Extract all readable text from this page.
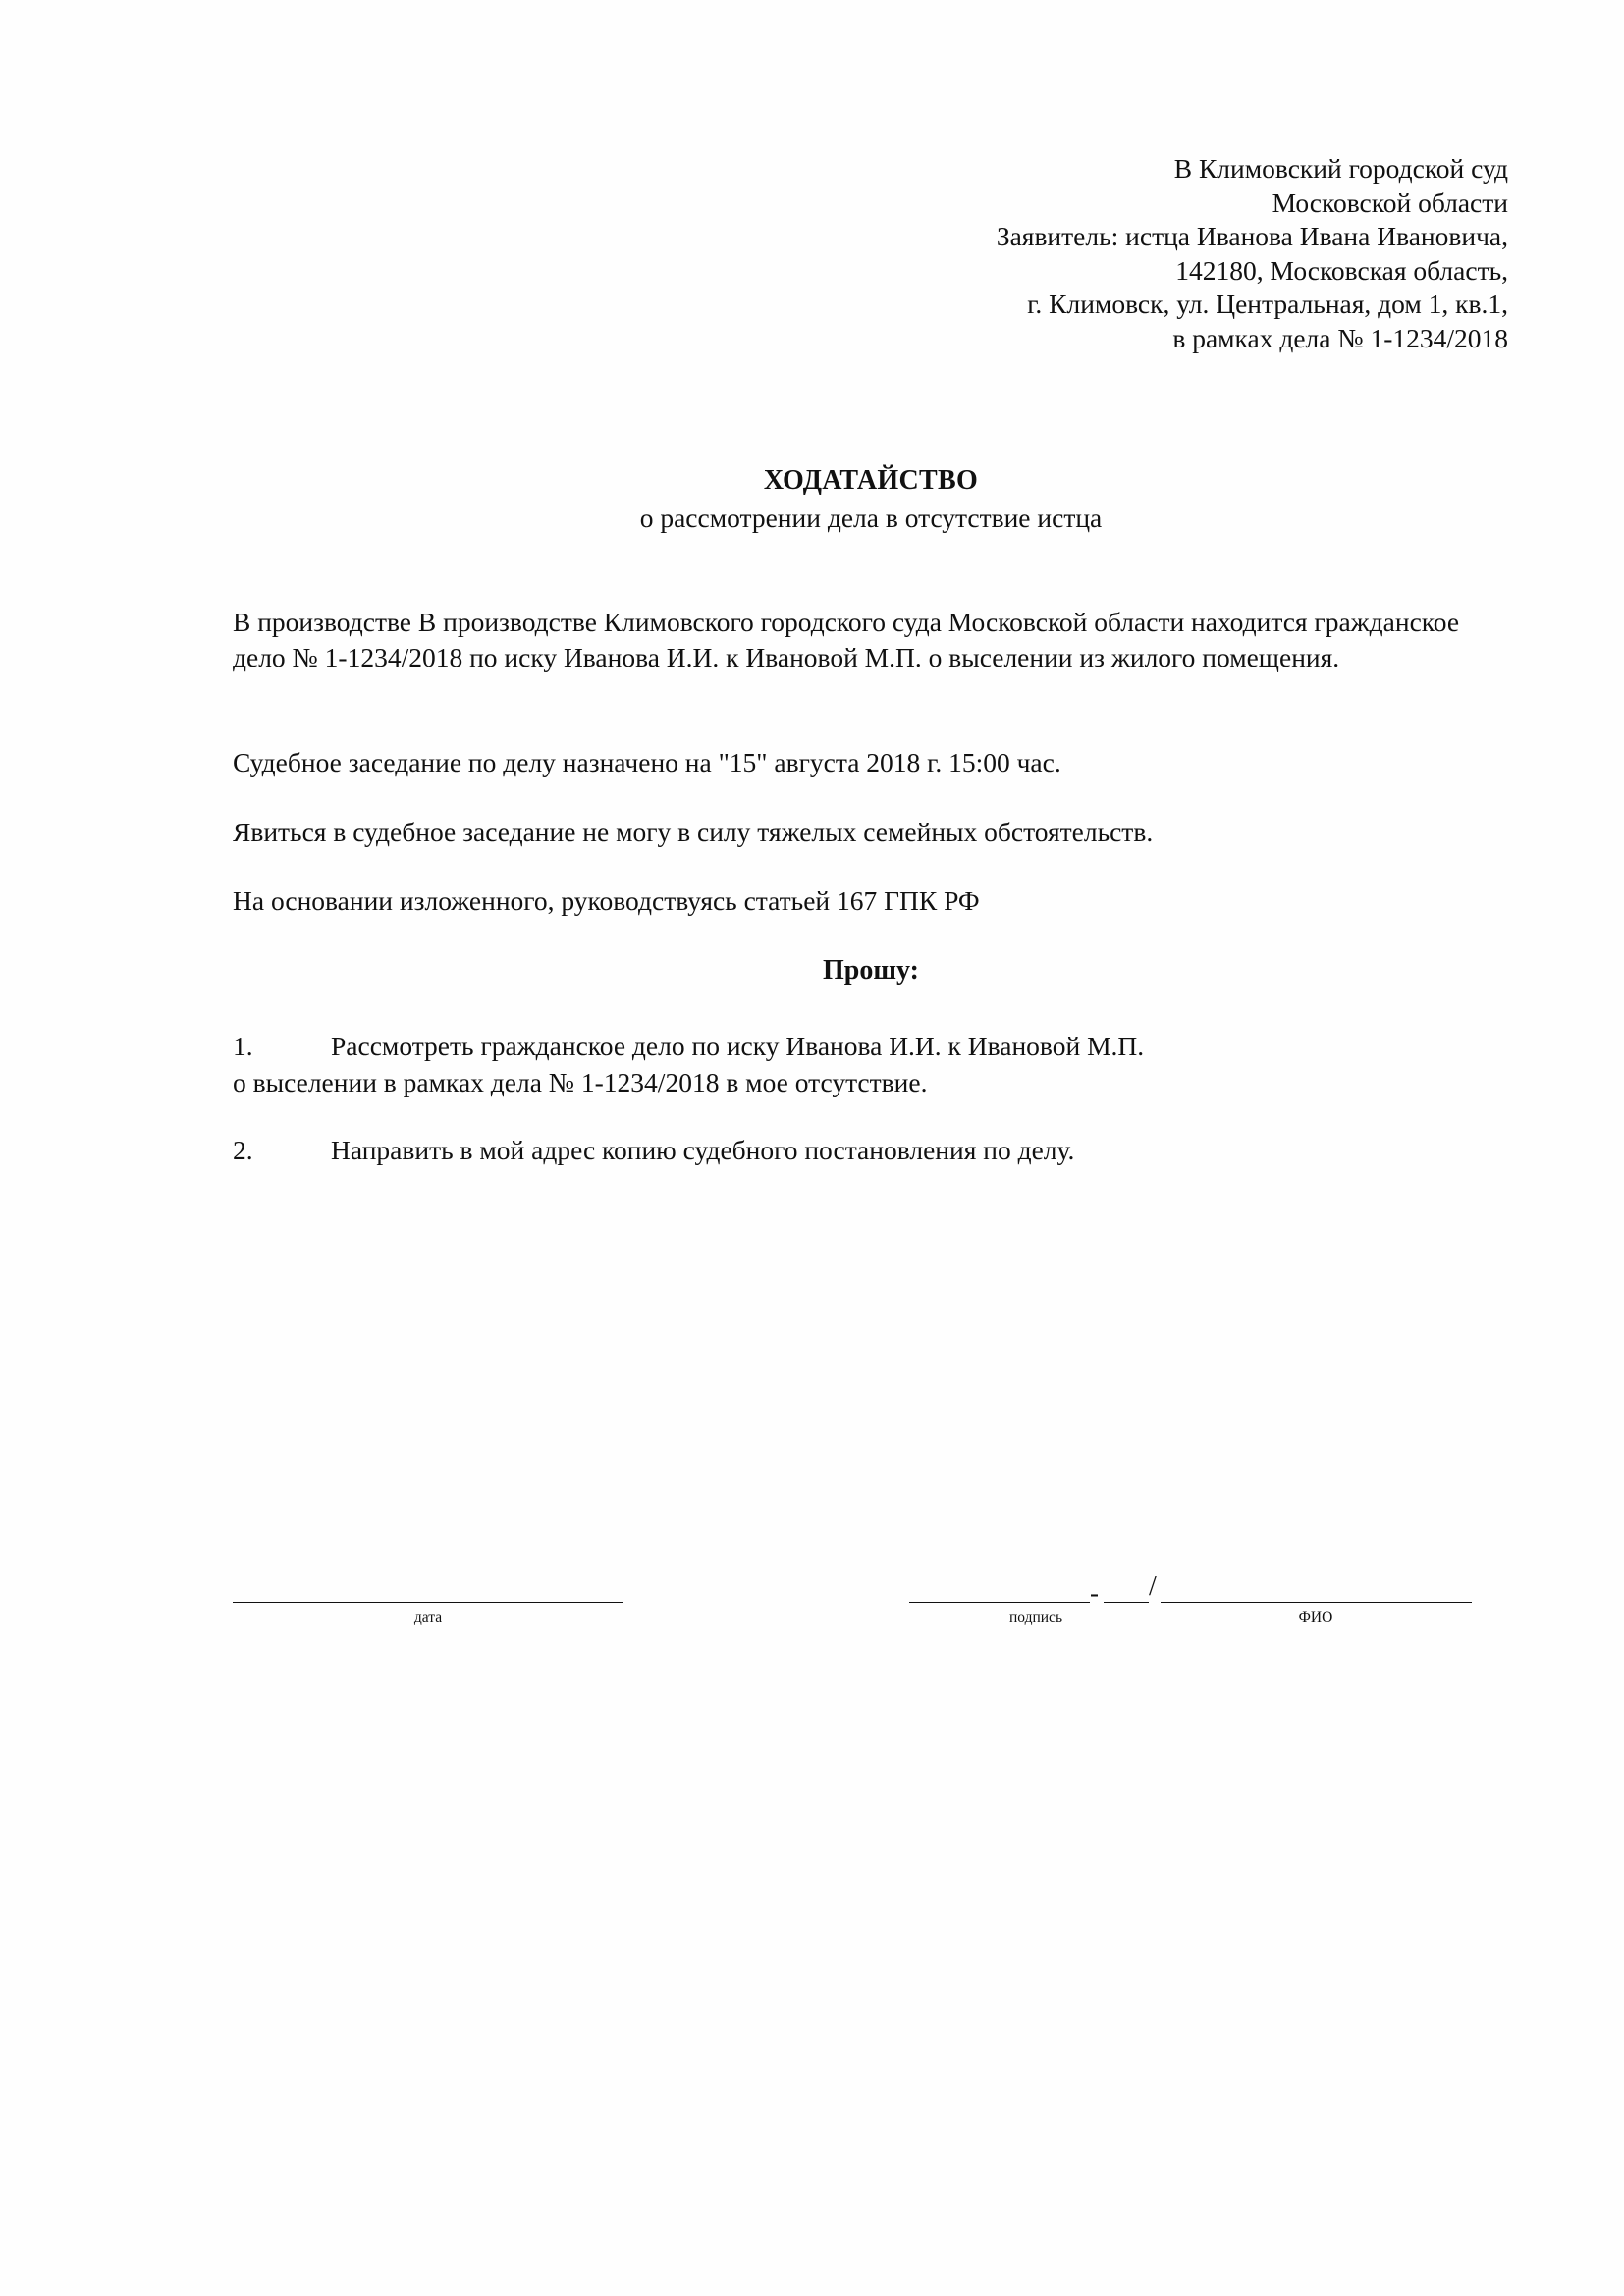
В Климовский городской суд
Московской области
Заявитель: истца Иванова Ивана Ивановича,
142180, Московская область,
г. Климовск, ул. Центральная, дом 1, кв.1,
в рамках дела № 1-1234/2018
ХОДАТАЙСТВО
о рассмотрении дела в отсутствие истца
В производстве В производстве Климовского городского суда Московской области находится гражданское дело № 1-1234/2018 по иску Иванова И.И. к Ивановой М.П. о выселении из жилого помещения.
Судебное заседание по делу назначено на "15" августа 2018 г. 15:00 час.
Явиться в судебное заседание не могу в силу тяжелых семейных обстоятельств.
На основании изложенного, руководствуясь статьей 167 ГПК РФ
Прошу:
1.	Рассмотреть гражданское дело по иску Иванова И.И. к Ивановой М.П.
о выселении в рамках дела № 1-1234/2018 в мое отсутствие.
2.	Направить в мой адрес копию судебного постановления по делу.
- /
дата	подпись	ФИО
